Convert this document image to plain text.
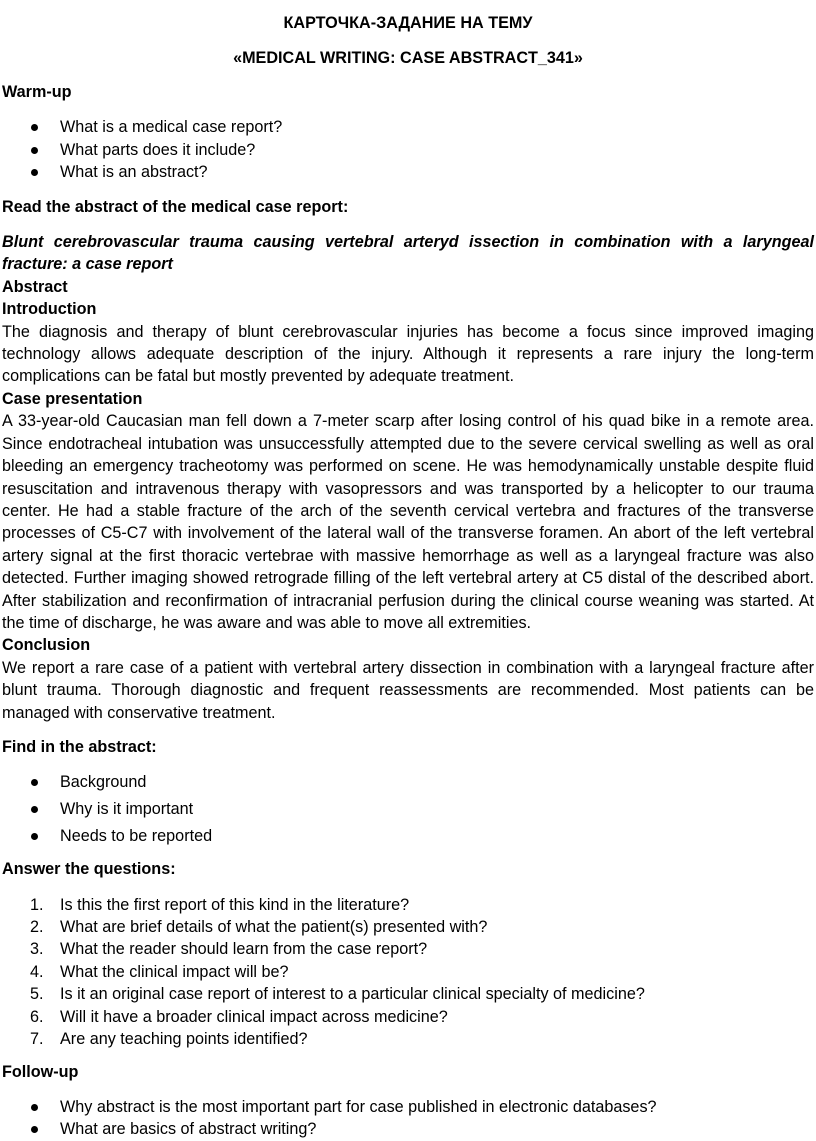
КАРТОЧКА-ЗАДАНИЕ НА ТЕМУ

«MEDICAL WRITING: CASE ABSTRACT_341»

Warm-up

What is a medical case report?
What parts does it include?
What is an abstract?

Read the abstract of the medical case report:

Blunt cerebrovascular trauma causing vertebral arteryd issection in combination with a laryngeal fracture: a case report

Abstract

Introduction

The diagnosis and therapy of blunt cerebrovascular injuries has become a focus since improved imaging technology allows adequate description of the injury. Although it represents a rare injury the long-term complications can be fatal but mostly prevented by adequate treatment.

Case presentation

A 33-year-old Caucasian man fell down a 7-meter scarp after losing control of his quad bike in a remote area. Since endotracheal intubation was unsuccessfully attempted due to the severe cervical swelling as well as oral bleeding an emergency tracheotomy was performed on scene. He was hemodynamically unstable despite fluid resuscitation and intravenous therapy with vasopressors and was transported by a helicopter to our trauma center. He had a stable fracture of the arch of the seventh cervical vertebra and fractures of the transverse processes of C5-C7 with involvement of the lateral wall of the transverse foramen. An abort of the left vertebral artery signal at the first thoracic vertebrae with massive hemorrhage as well as a laryngeal fracture was also detected. Further imaging showed retrograde filling of the left vertebral artery at C5 distal of the described abort. After stabilization and reconfirmation of intracranial perfusion during the clinical course weaning was started. At the time of discharge, he was aware and was able to move all extremities.

Conclusion

We report a rare case of a patient with vertebral artery dissection in combination with a laryngeal fracture after blunt trauma. Thorough diagnostic and frequent reassessments are recommended. Most patients can be managed with conservative treatment.

Find in the abstract:

Background
Why is it important
Needs to be reported

Answer the questions:

1. Is this the first report of this kind in the literature?
2. What are brief details of what the patient(s) presented with?
3. What the reader should learn from the case report?
4. What the clinical impact will be?
5. Is it an original case report of interest to a particular clinical specialty of medicine?
6. Will it have a broader clinical impact across medicine?
7. Are any teaching points identified?

Follow-up

Why abstract is the most important part for case published in electronic databases?
What are basics of abstract writing?
